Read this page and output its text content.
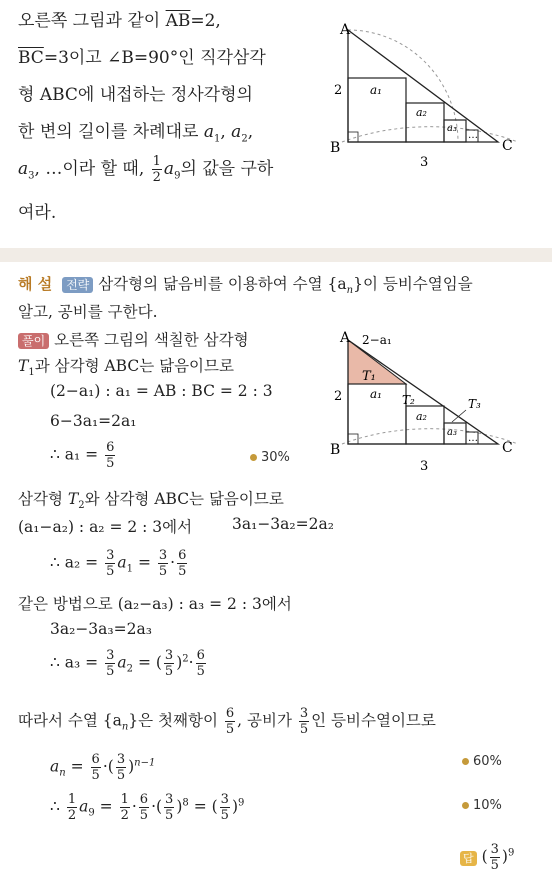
오른쪽 그림과 같이 $\overline{AB}=2$,
$\overline{BC}=3$이고 ∠B=90°인 직각삼각
형 ABC에 내접하는 정사각형의
한 변의 길이를 차례대로 $a_1$, $a_2$,
$a_3$, …이라 할 때, $\frac{1}{2} a_9$의 값을 구하
여라.
A
B	C
2
3
a₁
a₂
a₃
…
해 설 전략 삼각형의 닮음비를 이용하여 수열 $\{a_n\}$이 등비수열임을
알고, 공비를 구한다.
풀이 오른쪽 그림의 색칠한 삼각형
$T_1$과 삼각형 ABC는 닮음이므로
(2−a₁) : a₁ = AB : BC = 2 : 3
6−3a₁=2a₁
∴ $a_1 = \frac{6}{5}$	30%
A
B	C
2
3
2−a₁
T₁
T₂	T₃
a₁
a₂
a₃
…
삼각형 $T_2$와 삼각형 ABC는 닮음이므로
(a₁−a₂) : a₂ = 2 : 3에서	3a₁−3a₂=2a₂
∴ $a_2 = \frac{3}{5} a_1 = \frac{3}{5} \cdot \frac{6}{5}$
같은 방법으로 (a₂−a₃) : a₃ = 2 : 3에서
3a₂−3a₃=2a₃
∴ $a_3 = \frac{3}{5} a_2$ = ( $\frac{3}{5} )^2\cdot \frac{6}{5}$
따라서 수열 $\{a_n\}$은 첫째항이 $\frac{6}{5}$ , 공비가 $\frac{3}{5}$ 인 등비수열이므로
$a_n = \frac{6}{5}$ ·( $\frac{3}{5} )^{n-1}$	60%
∴ $\frac{1}{2} a_9 = \frac{1}{2} \cdot \frac{6}{5}$ ·( $\frac{3}{5} )^8$ = ( $\frac{3}{5} )^9$	10%
답 ( $\frac{3}{5} )^9$
